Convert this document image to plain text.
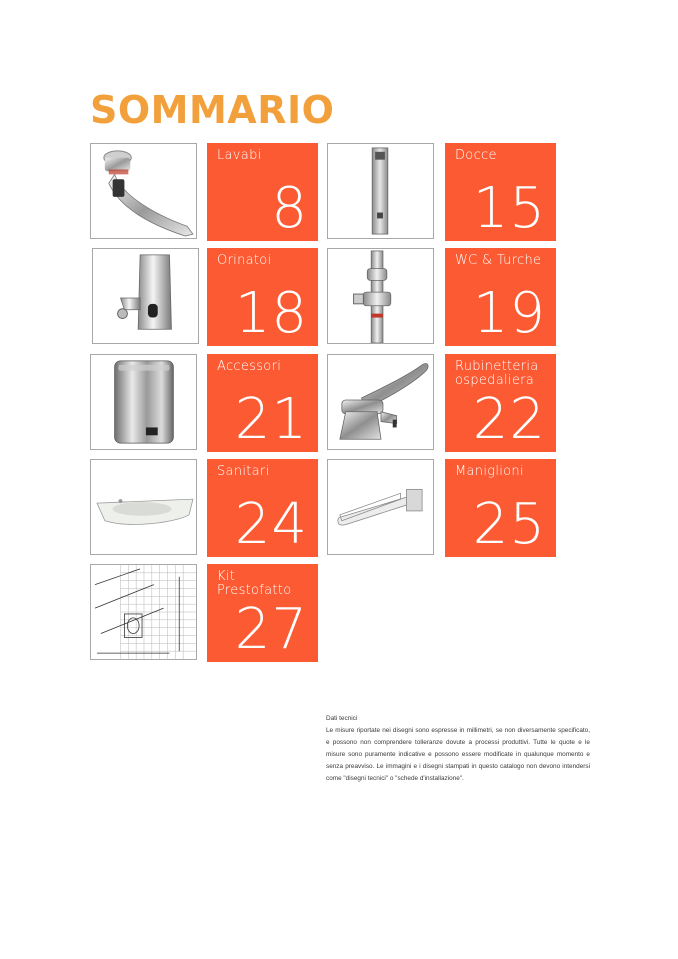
SOMMARIO
Lavabi
8
Docce
15
Orinatoi
18
WC & Turche
19
Accessori
21
Rubinetteria
ospedaliera
22
Sanitari
24
Maniglioni
25
Kit
Prestofatto
27
Dati tecnici
Le misure riportate nei disegni sono espresse in millimetri, se non diversamente specificato, e possono non comprendere tolleranze dovute a processi produttivi. Tutte le quote e le misure sono puramente indicative e possono essere modificate in qualunque momento e senza preavviso. Le immagini e i disegni stampati in questo catalogo non devono intendersi come "disegni tecnici" o "schede d'installazione".
